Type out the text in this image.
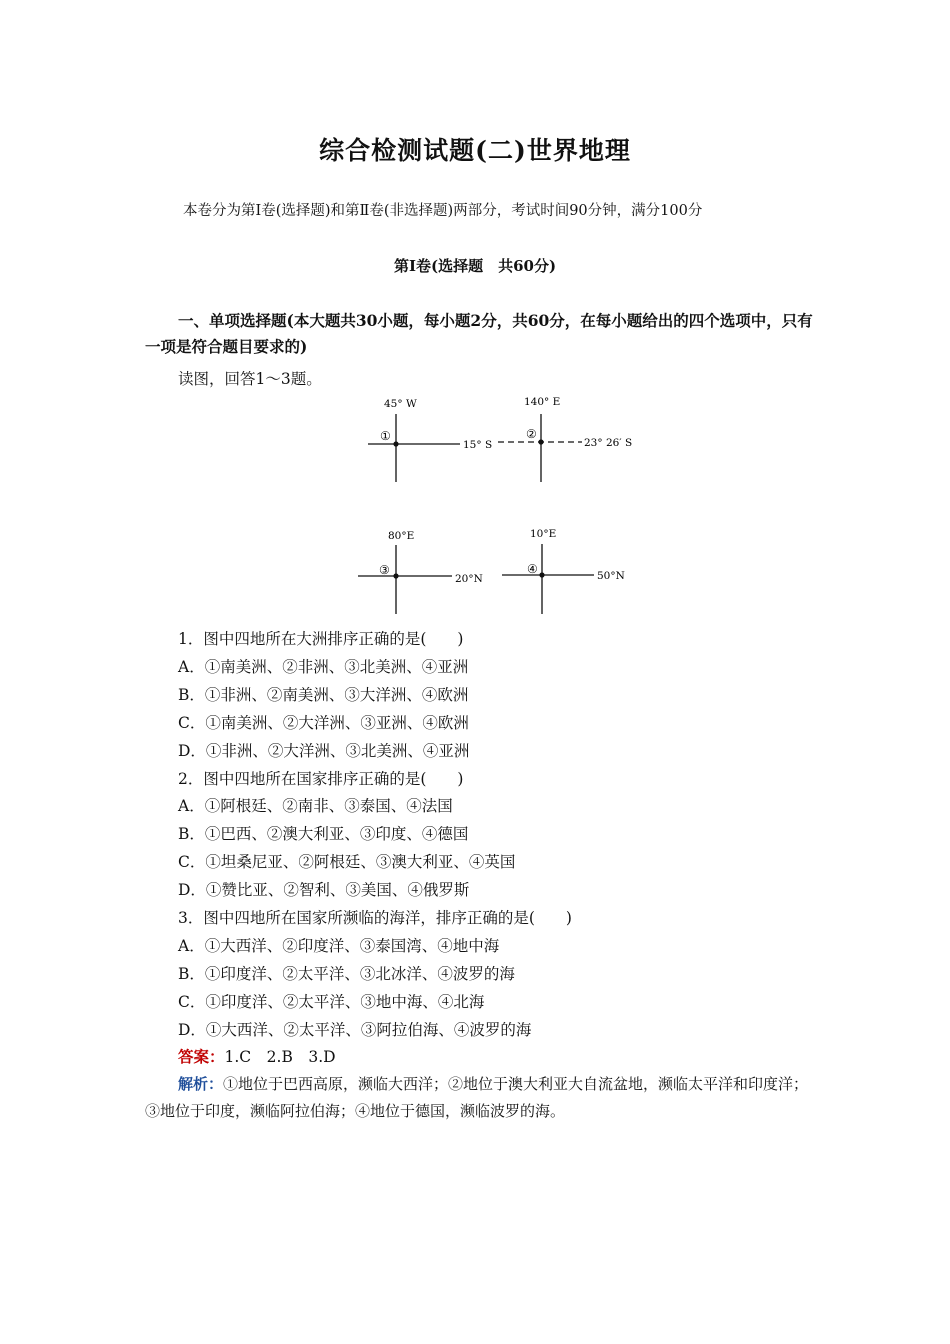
综合检测试题(二)世界地理
本卷分为第Ⅰ卷(选择题)和第Ⅱ卷(非选择题)两部分，考试时间90分钟，满分100分
第Ⅰ卷(选择题　共60分)
一、单项选择题(本大题共30小题，每小题2分，共60分，在每小题给出的四个选项中，只有一项是符合题目要求的)
读图，回答1～3题。
45° W
①
15° S
140° E
②
23° 26′ S
80°E
③
20°N
10°E
④	50°N
1．图中四地所在大洲排序正确的是(　　)
A．①南美洲、②非洲、③北美洲、④亚洲
B．①非洲、②南美洲、③大洋洲、④欧洲
C．①南美洲、②大洋洲、③亚洲、④欧洲
D．①非洲、②大洋洲、③北美洲、④亚洲
2．图中四地所在国家排序正确的是(　　)
A．①阿根廷、②南非、③泰国、④法国
B．①巴西、②澳大利亚、③印度、④德国
C．①坦桑尼亚、②阿根廷、③澳大利亚、④英国
D．①赞比亚、②智利、③美国、④俄罗斯
3．图中四地所在国家所濒临的海洋，排序正确的是(　　)
A．①大西洋、②印度洋、③泰国湾、④地中海
B．①印度洋、②太平洋、③北冰洋、④波罗的海
C．①印度洋、②太平洋、③地中海、④北海
D．①大西洋、②太平洋、③阿拉伯海、④波罗的海
答案：1.C　2.B　3.D
解析：①地位于巴西高原，濒临大西洋；②地位于澳大利亚大自流盆地，濒临太平洋和印度洋；③地位于印度，濒临阿拉伯海；④地位于德国，濒临波罗的海。
